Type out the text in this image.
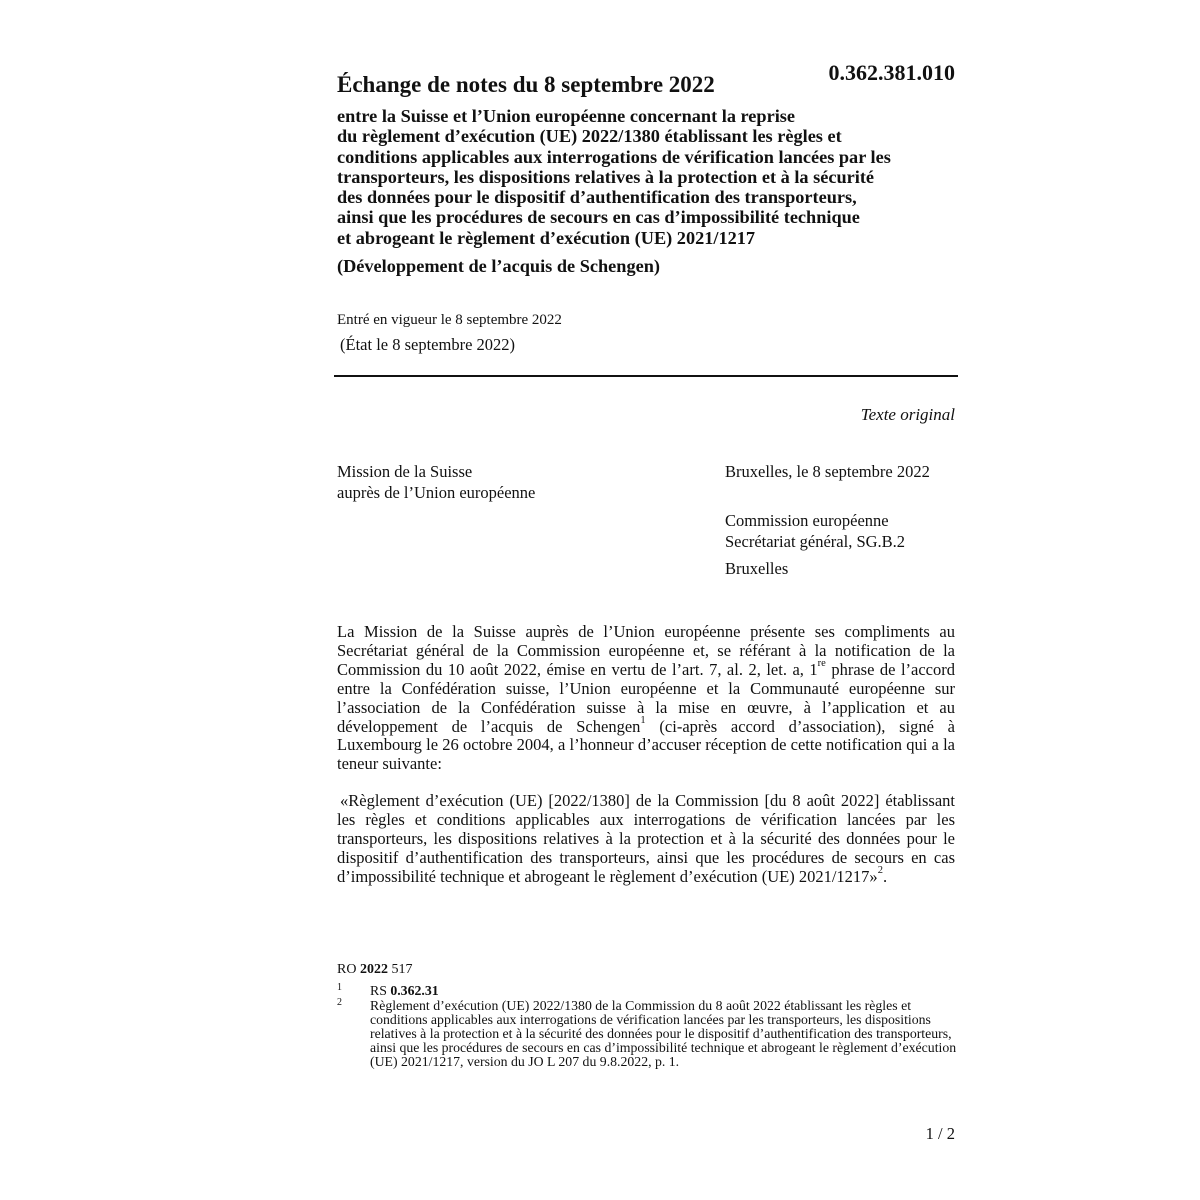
0.362.381.010
Échange de notes du 8 septembre 2022
entre la Suisse et l’Union européenne concernant la reprise
du règlement d’exécution (UE) 2022/1380 établissant les règles et
conditions applicables aux interrogations de vérification lancées par les
transporteurs, les dispositions relatives à la protection et à la sécurité
des données pour le dispositif d’authentification des transporteurs,
ainsi que les procédures de secours en cas d’impossibilité technique
et abrogeant le règlement d’exécution (UE) 2021/1217
(Développement de l’acquis de Schengen)
Entré en vigueur le 8 septembre 2022
(État le 8 septembre 2022)
Texte original
Mission de la Suisse
auprès de l’Union européenne
Bruxelles, le 8 septembre 2022
Commission européenne
Secrétariat général, SG.B.2
Bruxelles

La Mission de la Suisse auprès de l’Union européenne présente ses compliments au Secrétariat général de la Commission européenne et, se référant à la notification de la Commission du 10 août 2022, émise en vertu de l’art. 7, al. 2, let. a, 1re phrase de l’accord entre la Confédération suisse, l’Union européenne et la Communauté européenne sur l’association de la Confédération suisse à la mise en œuvre, à l’application et au développement de l’acquis de Schengen$^1$ (ci-après accord d’association), signé à Luxembourg le 26 octobre 2004, a l’honneur d’accuser réception de cette notification qui a la teneur suivante:

«Règlement d’exécution (UE) [2022/1380] de la Commission [du 8 août 2022] établissant les règles et conditions applicables aux interrogations de vérification lancées par les transporteurs, les dispositions relatives à la protection et à la sécurité des données pour le dispositif d’authentification des transporteurs, ainsi que les procédures de secours en cas d’impossibilité technique et abrogeant le règlement d’exécution (UE) 2021/1217»$^2$.

RO 2022 517
1 RS 0.362.31
2 Règlement d’exécution (UE) 2022/1380 de la Commission du 8 août 2022 établissant les règles et conditions applicables aux interrogations de vérification lancées par les transporteurs, les dispositions relatives à la protection et à la sécurité des données pour le dispositif d’authentification des transporteurs, ainsi que les procédures de secours en cas d’impossibilité technique et abrogeant le règlement d’exécution (UE) 2021/1217, version du JO L 207 du 9.8.2022, p. 1.
1 / 2
